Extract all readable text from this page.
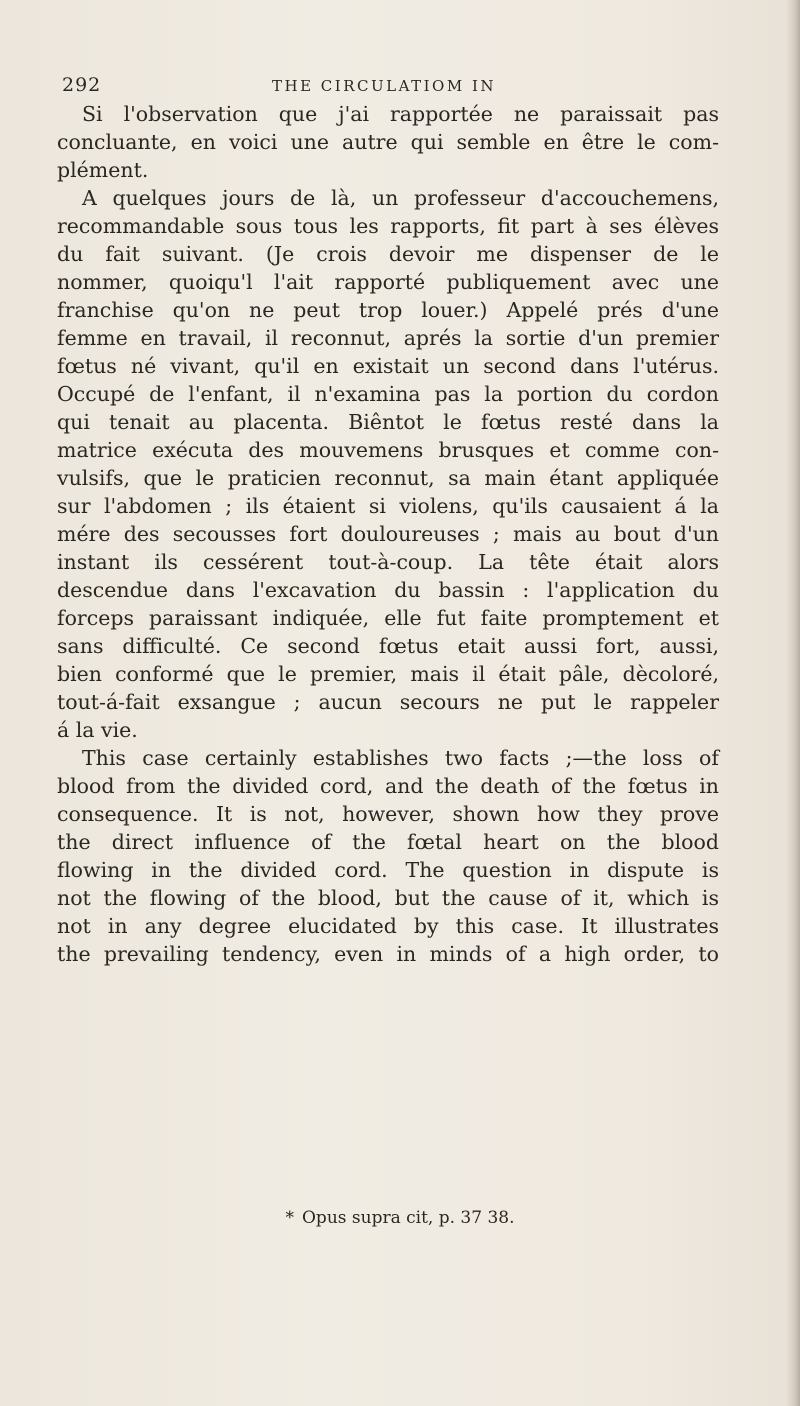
292	THE CIRCULATIOM IN
Si l'observation que j'ai rapportée ne paraissait pas
concluante, en voici une autre qui semble en être le com-
plément.
A quelques jours de là, un professeur d'accouchemens,
recommandable sous tous les rapports, fit part à ses élèves
du fait suivant. (Je crois devoir me dispenser de le
nommer, quoiqu'l l'ait rapporté publiquement avec une
franchise qu'on ne peut trop louer.) Appelé prés d'une
femme en travail, il reconnut, aprés la sortie d'un premier
fœtus né vivant, qu'il en existait un second dans l'utérus.
Occupé de l'enfant, il n'examina pas la portion du cordon
qui tenait au placenta. Biêntot le fœtus resté dans la
matrice exécuta des mouvemens brusques et comme con-
vulsifs, que le praticien reconnut, sa main étant appliquée
sur l'abdomen ; ils étaient si violens, qu'ils causaient á la
mére des secousses fort douloureuses ; mais au bout d'un
instant ils cessérent tout-à-coup. La tête était alors
descendue dans l'excavation du bassin : l'application du
forceps paraissant indiquée, elle fut faite promptement et
sans difficulté. Ce second fœtus etait aussi fort, aussi,
bien conformé que le premier, mais il était pâle, dècoloré,
tout-á-fait exsangue ; aucun secours ne put le rappeler
á la vie.
This case certainly establishes two facts ;—the loss of
blood from the divided cord, and the death of the fœtus in
consequence. It is not, however, shown how they prove
the direct influence of the fœtal heart on the blood
flowing in the divided cord. The question in dispute is
not the flowing of the blood, but the cause of it, which is
not in any degree elucidated by this case. It illustrates
the prevailing tendency, even in minds of a high order, to
* Opus supra cit, p. 37 38.
